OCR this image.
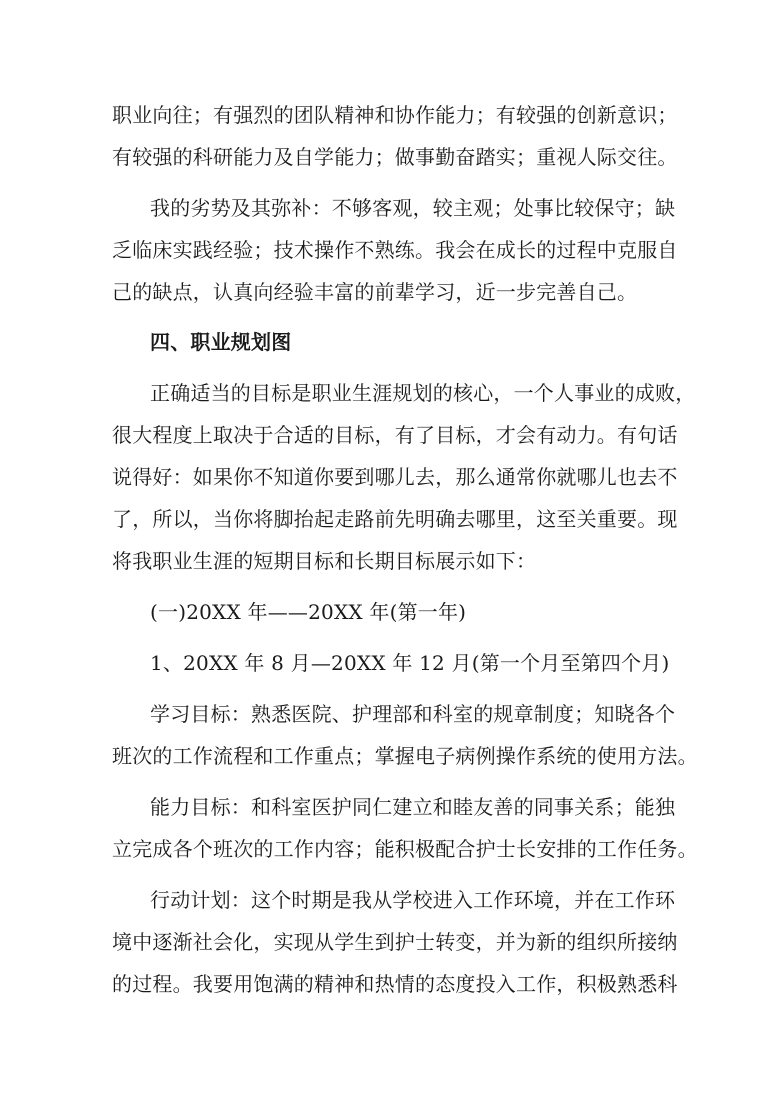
职业向往；有强烈的团队精神和协作能力；有较强的创新意识；
有较强的科研能力及自学能力；做事勤奋踏实；重视人际交往。
我的劣势及其弥补：不够客观，较主观；处事比较保守；缺
乏临床实践经验；技术操作不熟练。我会在成长的过程中克服自
己的缺点，认真向经验丰富的前辈学习，近一步完善自己。
四、职业规划图
正确适当的目标是职业生涯规划的核心，一个人事业的成败，
很大程度上取决于合适的目标，有了目标，才会有动力。有句话
说得好：如果你不知道你要到哪儿去，那么通常你就哪儿也去不
了，所以，当你将脚抬起走路前先明确去哪里，这至关重要。现
将我职业生涯的短期目标和长期目标展示如下：
(一)20XX 年——20XX 年(第一年)
1、20XX 年 8 月—20XX 年 12 月(第一个月至第四个月)
学习目标：熟悉医院、护理部和科室的规章制度；知晓各个
班次的工作流程和工作重点；掌握电子病例操作系统的使用方法。
能力目标：和科室医护同仁建立和睦友善的同事关系；能独
立完成各个班次的工作内容；能积极配合护士长安排的工作任务。
行动计划：这个时期是我从学校进入工作环境，并在工作环
境中逐渐社会化，实现从学生到护士转变，并为新的组织所接纳
的过程。我要用饱满的精神和热情的态度投入工作，积极熟悉科
